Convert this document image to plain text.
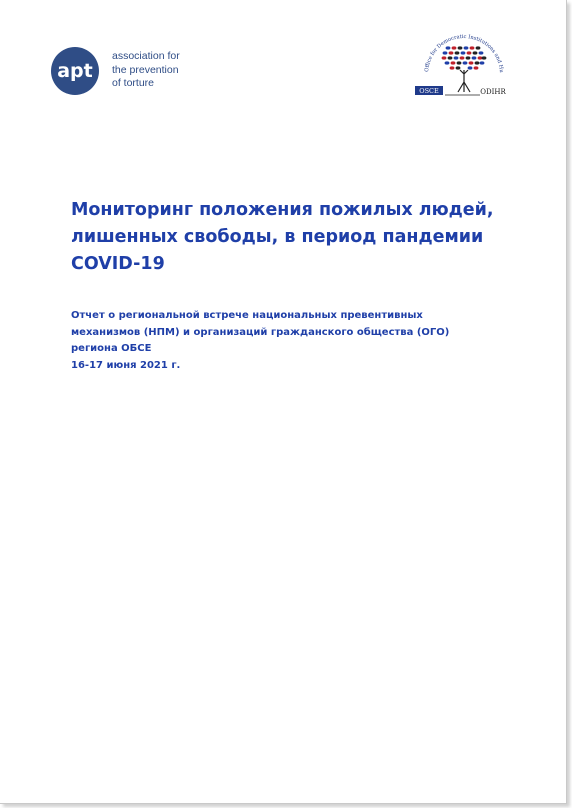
apt
association for
the prevention
of torture
Office for Democratic Institutions and Hu
OSCE	ODIHR
Мониторинг положения пожилых людей,
лишенных свободы, в период пандемии
COVID-19
Отчет о региональной встрече национальных превентивных
механизмов (НПМ) и организаций гражданского общества (ОГО)
региона ОБСЕ
16-17 июня 2021 г.
